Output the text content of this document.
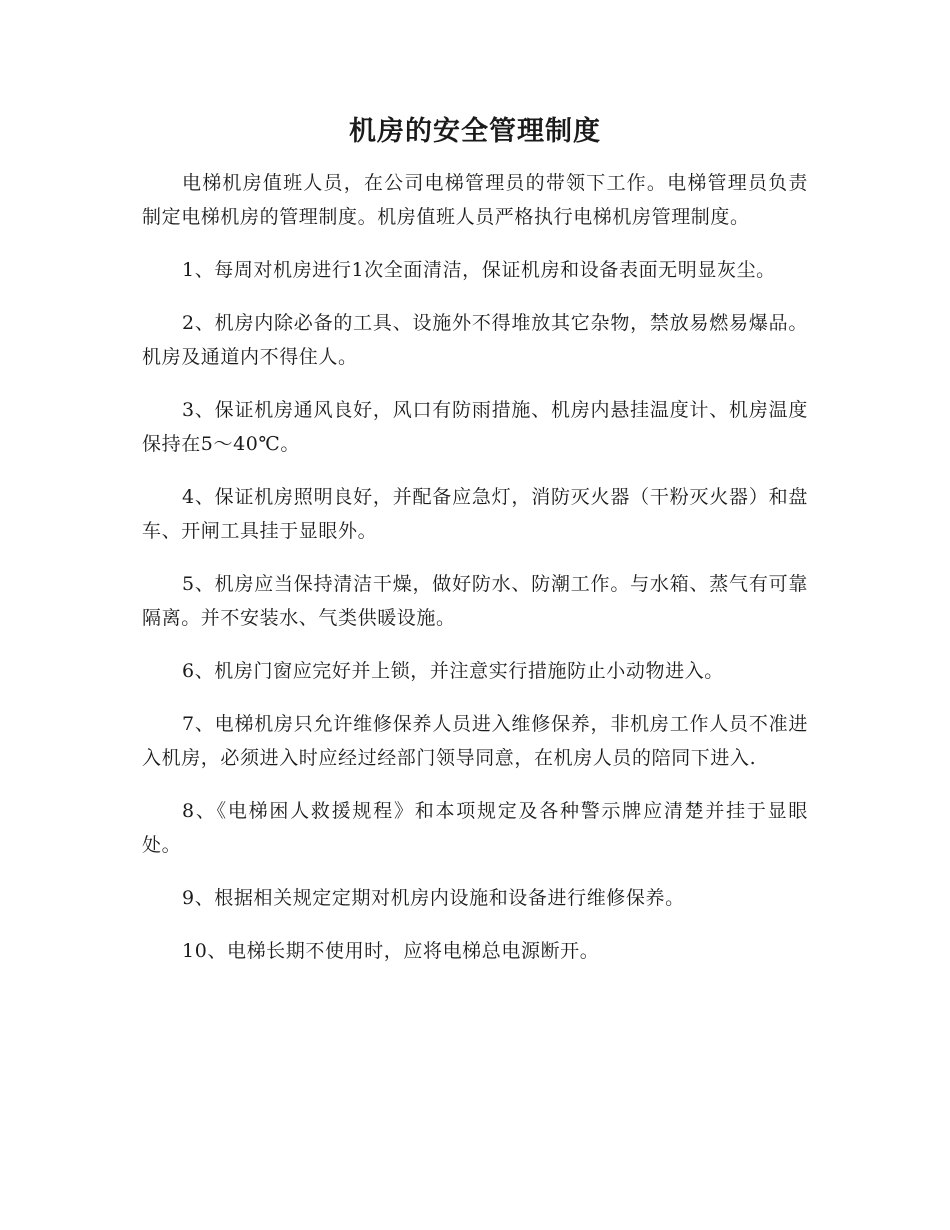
机房的安全管理制度

电梯机房值班人员，在公司电梯管理员的带领下工作。电梯管理员负责制定电梯机房的管理制度。机房值班人员严格执行电梯机房管理制度。

1、每周对机房进行1次全面清洁，保证机房和设备表面无明显灰尘。

2、机房内除必备的工具、设施外不得堆放其它杂物，禁放易燃易爆品。机房及通道内不得住人。

3、保证机房通风良好，风口有防雨措施、机房内悬挂温度计、机房温度保持在5～40℃。

4、保证机房照明良好，并配备应急灯，消防灭火器（干粉灭火器）和盘车、开闸工具挂于显眼外。

5、机房应当保持清洁干燥，做好防水、防潮工作。与水箱、蒸气有可靠隔离。并不安装水、气类供暖设施。

6、机房门窗应完好并上锁，并注意实行措施防止小动物进入。

7、电梯机房只允许维修保养人员进入维修保养，非机房工作人员不准进入机房，必须进入时应经过经部门领导同意，在机房人员的陪同下进入.

8、《电梯困人救援规程》和本项规定及各种警示牌应清楚并挂于显眼处。

9、根据相关规定定期对机房内设施和设备进行维修保养。

10、电梯长期不使用时，应将电梯总电源断开。
